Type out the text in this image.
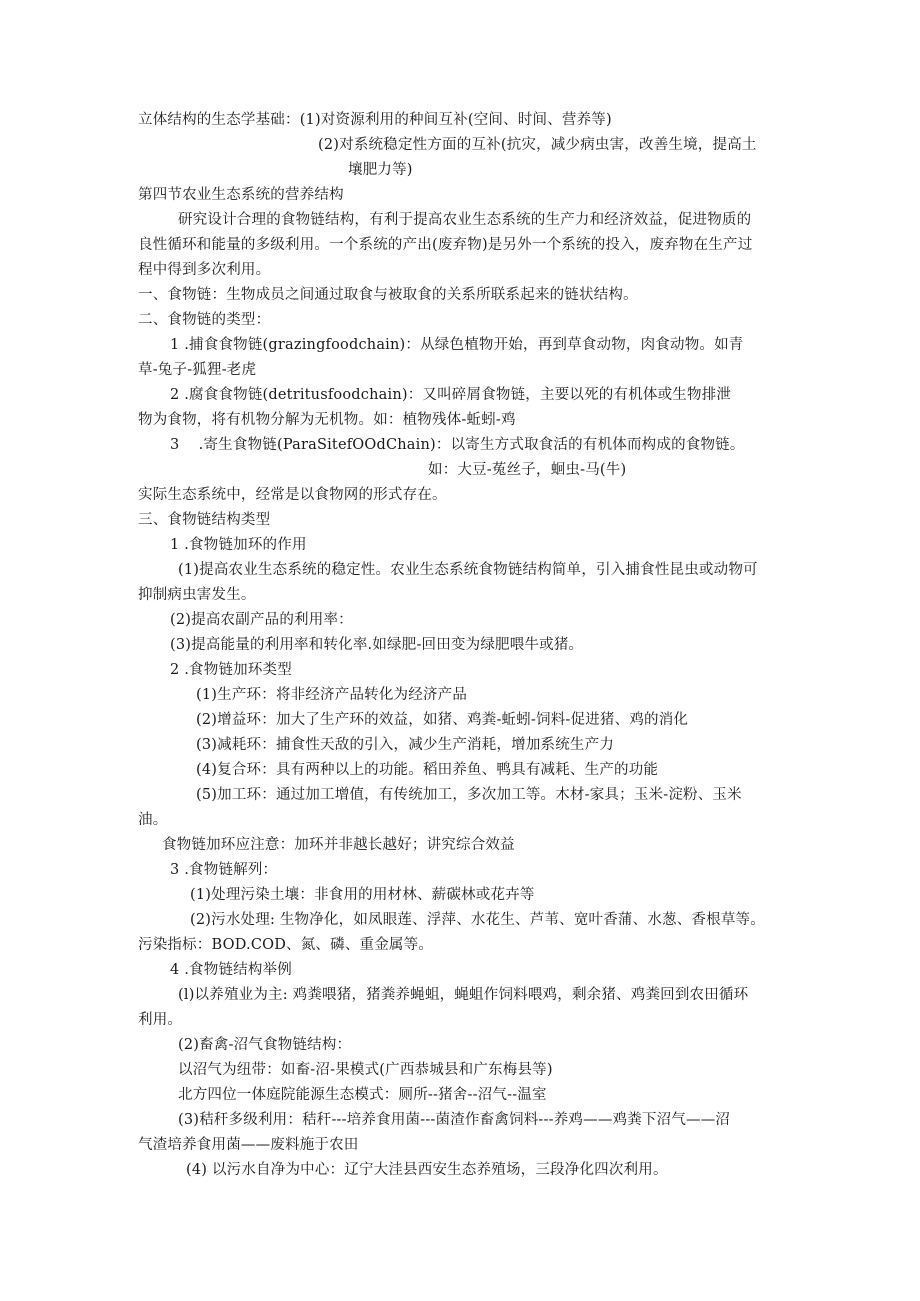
立体结构的生态学基础：(1)对资源利用的种间互补(空间、时间、营养等)
(2)对系统稳定性方面的互补(抗灾，减少病虫害，改善生境，提高土
壤肥力等)
第四节农业生态系统的营养结构
研究设计合理的食物链结构，有利于提高农业生态系统的生产力和经济效益，促进物质的
良性循环和能量的多级利用。一个系统的产出(废弃物)是另外一个系统的投入，废弃物在生产过
程中得到多次利用。
一、食物链：生物成员之间通过取食与被取食的关系所联系起来的链状结构。
二、食物链的类型：
1 .捕食食物链(grazingfoodchain)：从绿色植物开始，再到草食动物，肉食动物。如青
草-兔子-狐狸-老虎
2 .腐食食物链(detritusfoodchain)：又叫碎屑食物链，主要以死的有机体或生物排泄
物为食物，将有机物分解为无机物。如：植物残体-蚯蚓-鸡
3    .寄生食物链(ParaSitefOOdChain)：以寄生方式取食活的有机体而构成的食物链。
如：大豆-菟丝子，蛔虫-马(牛)
实际生态系统中，经常是以食物网的形式存在。
三、食物链结构类型
1 .食物链加环的作用
(1)提高农业生态系统的稳定性。农业生态系统食物链结构简单，引入捕食性昆虫或动物可
抑制病虫害发生。
(2)提高农副产品的利用率：
(3)提高能量的利用率和转化率.如绿肥-回田变为绿肥喂牛或猪。
2 .食物链加环类型
(1)生产环：将非经济产品转化为经济产品
(2)增益环：加大了生产环的效益，如猪、鸡粪-蚯蚓-饲料-促进猪、鸡的消化
(3)减耗环：捕食性天敌的引入，减少生产消耗，增加系统生产力
(4)复合环：具有两种以上的功能。稻田养鱼、鸭具有减耗、生产的功能
(5)加工环：通过加工增值，有传统加工，多次加工等。木材-家具；玉米-淀粉、玉米
油。
食物链加环应注意：加环并非越长越好；讲究综合效益
3 .食物链解列：
(1)处理污染土壤：非食用的用材林、薪碳林或花卉等
(2)污水处理: 生物净化，如凤眼莲、浮萍、水花生、芦苇、宽叶香蒲、水葱、香根草等。
污染指标：BOD.COD、氮、磷、重金属等。
4 .食物链结构举例
(l)以养殖业为主: 鸡粪喂猪，猪粪养蝇蛆，蝇蛆作饲料喂鸡，剩余猪、鸡粪回到农田循环
利用。
(2)畜禽-沼气食物链结构：
以沼气为纽带：如畜-沼-果模式(广西恭城县和广东梅县等)
北方四位一体庭院能源生态模式：厕所--猪舍--沼气--温室
(3)秸秆多级利用：秸秆---培养食用菌---菌渣作畜禽饲料---养鸡——鸡粪下沼气——沼
气渣培养食用菌——废料施于农田
(4) 以污水自净为中心：辽宁大洼县西安生态养殖场，三段净化四次利用。
